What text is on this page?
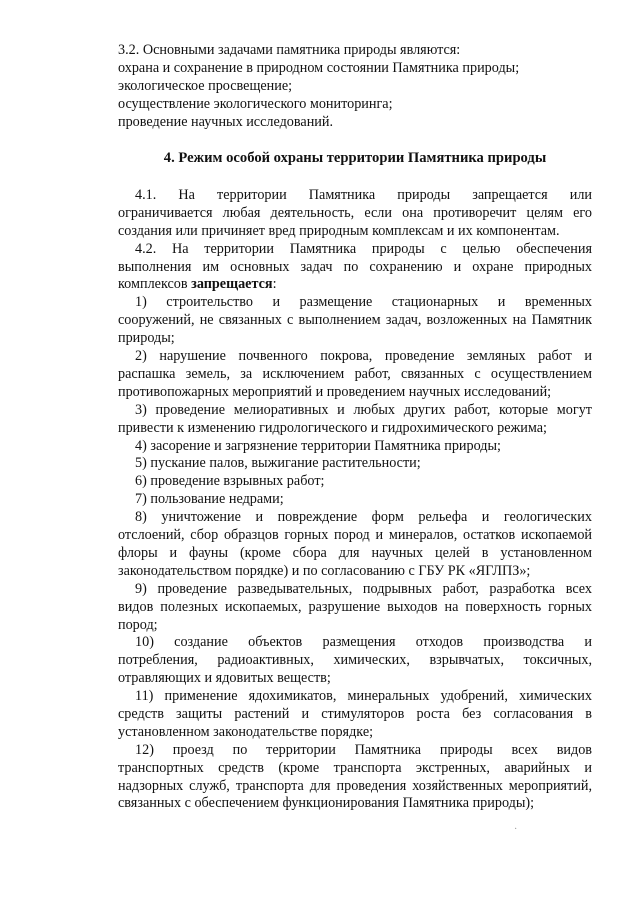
3.2. Основными задачами памятника природы являются:
охрана и сохранение в природном состоянии Памятника природы;
экологическое просвещение;
осуществление экологического мониторинга;
проведение научных исследований.
4. Режим особой охраны территории Памятника природы
4.1. На территории Памятника природы запрещается или
ограничивается любая деятельность, если она противоречит целям его
создания или причиняет вред природным комплексам и их компонентам.
4.2. На территории Памятника природы с целью обеспечения
выполнения им основных задач по сохранению и охране природных
комплексов запрещается:
1) строительство и размещение стационарных и временных
сооружений, не связанных с выполнением задач, возложенных на Памятник
природы;
2) нарушение почвенного покрова, проведение земляных работ и
распашка земель, за исключением работ, связанных с осуществлением
противопожарных мероприятий и проведением научных исследований;
3) проведение мелиоративных и любых других работ, которые могут
привести к изменению гидрологического и гидрохимического режима;
4) засорение и загрязнение территории Памятника природы;
5) пускание палов, выжигание растительности;
6) проведение взрывных работ;
7) пользование недрами;
8) уничтожение и повреждение форм рельефа и геологических
отслоений, сбор образцов горных пород и минералов, остатков ископаемой
флоры и фауны (кроме сбора для научных целей в установленном
законодательством порядке) и по согласованию с ГБУ РК «ЯГЛПЗ»;
9) проведение разведывательных, подрывных работ, разработка всех
видов полезных ископаемых, разрушение выходов на поверхность горных
пород;
10) создание объектов размещения отходов производства и
потребления, радиоактивных, химических, взрывчатых, токсичных,
отравляющих и ядовитых веществ;
11) применение ядохимикатов, минеральных удобрений, химических
средств защиты растений и стимуляторов роста без согласования в
установленном законодательстве порядке;
12) проезд по территории Памятника природы всех видов
транспортных средств (кроме транспорта экстренных, аварийных и
надзорных служб, транспорта для проведения хозяйственных мероприятий,
связанных с обеспечением функционирования Памятника природы);
·
